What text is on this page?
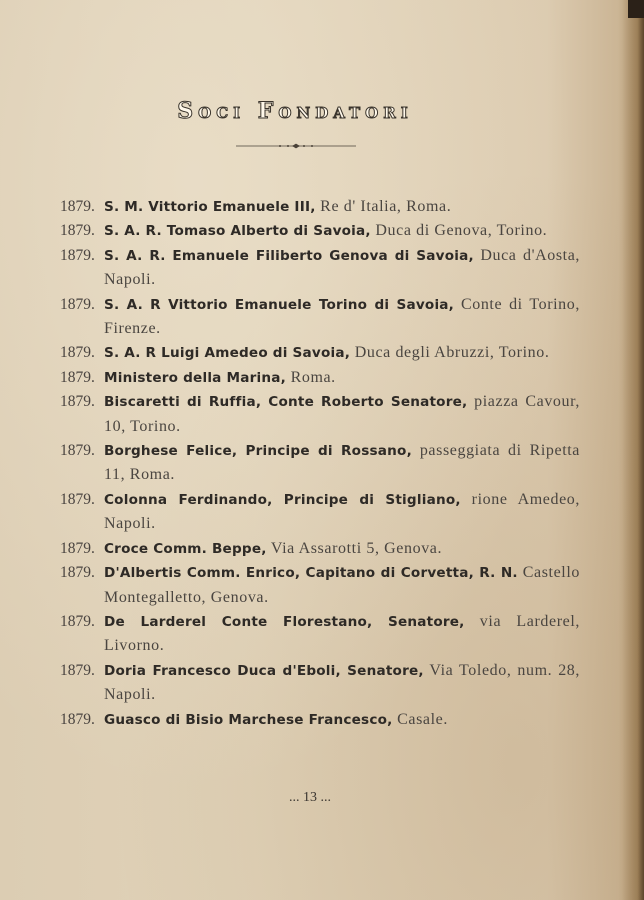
Soci Fondatori
1879. S. M. Vittorio Emanuele III, Re d' Italia, Roma.
1879. S. A. R. Tomaso Alberto di Savoia, Duca di Genova, Torino.
1879. S. A. R. Emanuele Filiberto Genova di Savoia, Duca d'Aosta, Napoli.
1879. S. A. R Vittorio Emanuele Torino di Savoia, Conte di Torino, Firenze.
1879. S. A. R Luigi Amedeo di Savoia, Duca degli Abruzzi, Torino.
1879. Ministero della Marina, Roma.
1879. Biscaretti di Ruffia, Conte Roberto Senatore, piazza Cavour, 10, Torino.
1879. Borghese Felice, Principe di Rossano, passeggiata di Ripetta 11, Roma.
1879. Colonna Ferdinando, Principe di Stigliano, rione Amedeo, Napoli.
1879. Croce Comm. Beppe, Via Assarotti 5, Genova.
1879. D'Albertis Comm. Enrico, Capitano di Corvetta, R. N. Castello Montegalletto, Genova.
1879. De Larderel Conte Florestano, Senatore, via Larderel, Livorno.
1879. Doria Francesco Duca d'Eboli, Senatore, Via Toledo, num. 28, Napoli.
1879. Guasco di Bisio Marchese Francesco, Casale.
... 13 ...
